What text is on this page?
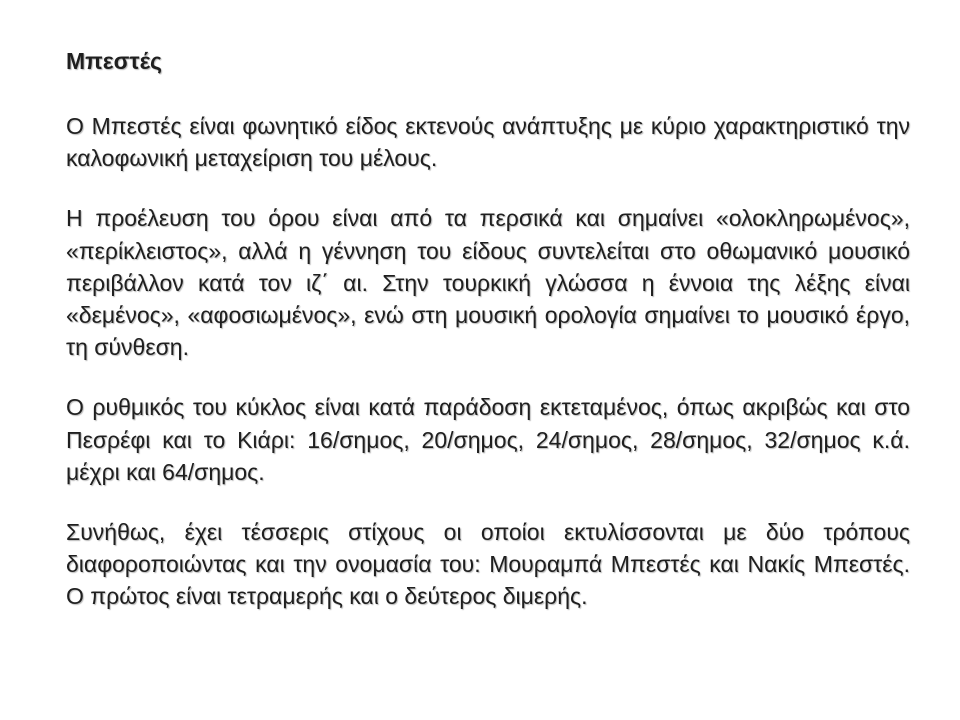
Μπεστές

Ο Μπεστές είναι φωνητικό είδος εκτενούς ανάπτυξης με κύριο χαρακτηριστικό την καλοφωνική μεταχείριση του μέλους.

Η προέλευση του όρου είναι από τα περσικά και σημαίνει «ολοκληρωμένος», «περίκλειστος», αλλά η γέννηση του είδους συντελείται στο οθωμανικό μουσικό περιβάλλον κατά τον ιζ΄ αι. Στην τουρκική γλώσσα η έννοια της λέξης είναι «δεμένος», «αφοσιωμένος», ενώ στη μουσική ορολογία σημαίνει το μουσικό έργο, τη σύνθεση.

Ο ρυθμικός του κύκλος είναι κατά παράδοση εκτεταμένος, όπως ακριβώς και στο Πεσρέφι και το Κιάρι: 16/σημος, 20/σημος, 24/σημος, 28/σημος, 32/σημος κ.ά. μέχρι και 64/σημος.

Συνήθως, έχει τέσσερις στίχους οι οποίοι εκτυλίσσονται με δύο τρόπους διαφοροποιώντας και την ονομασία του: Μουραμπά Μπεστές και Νακίς Μπεστές. Ο πρώτος είναι τετραμερής και ο δεύτερος διμερής.
